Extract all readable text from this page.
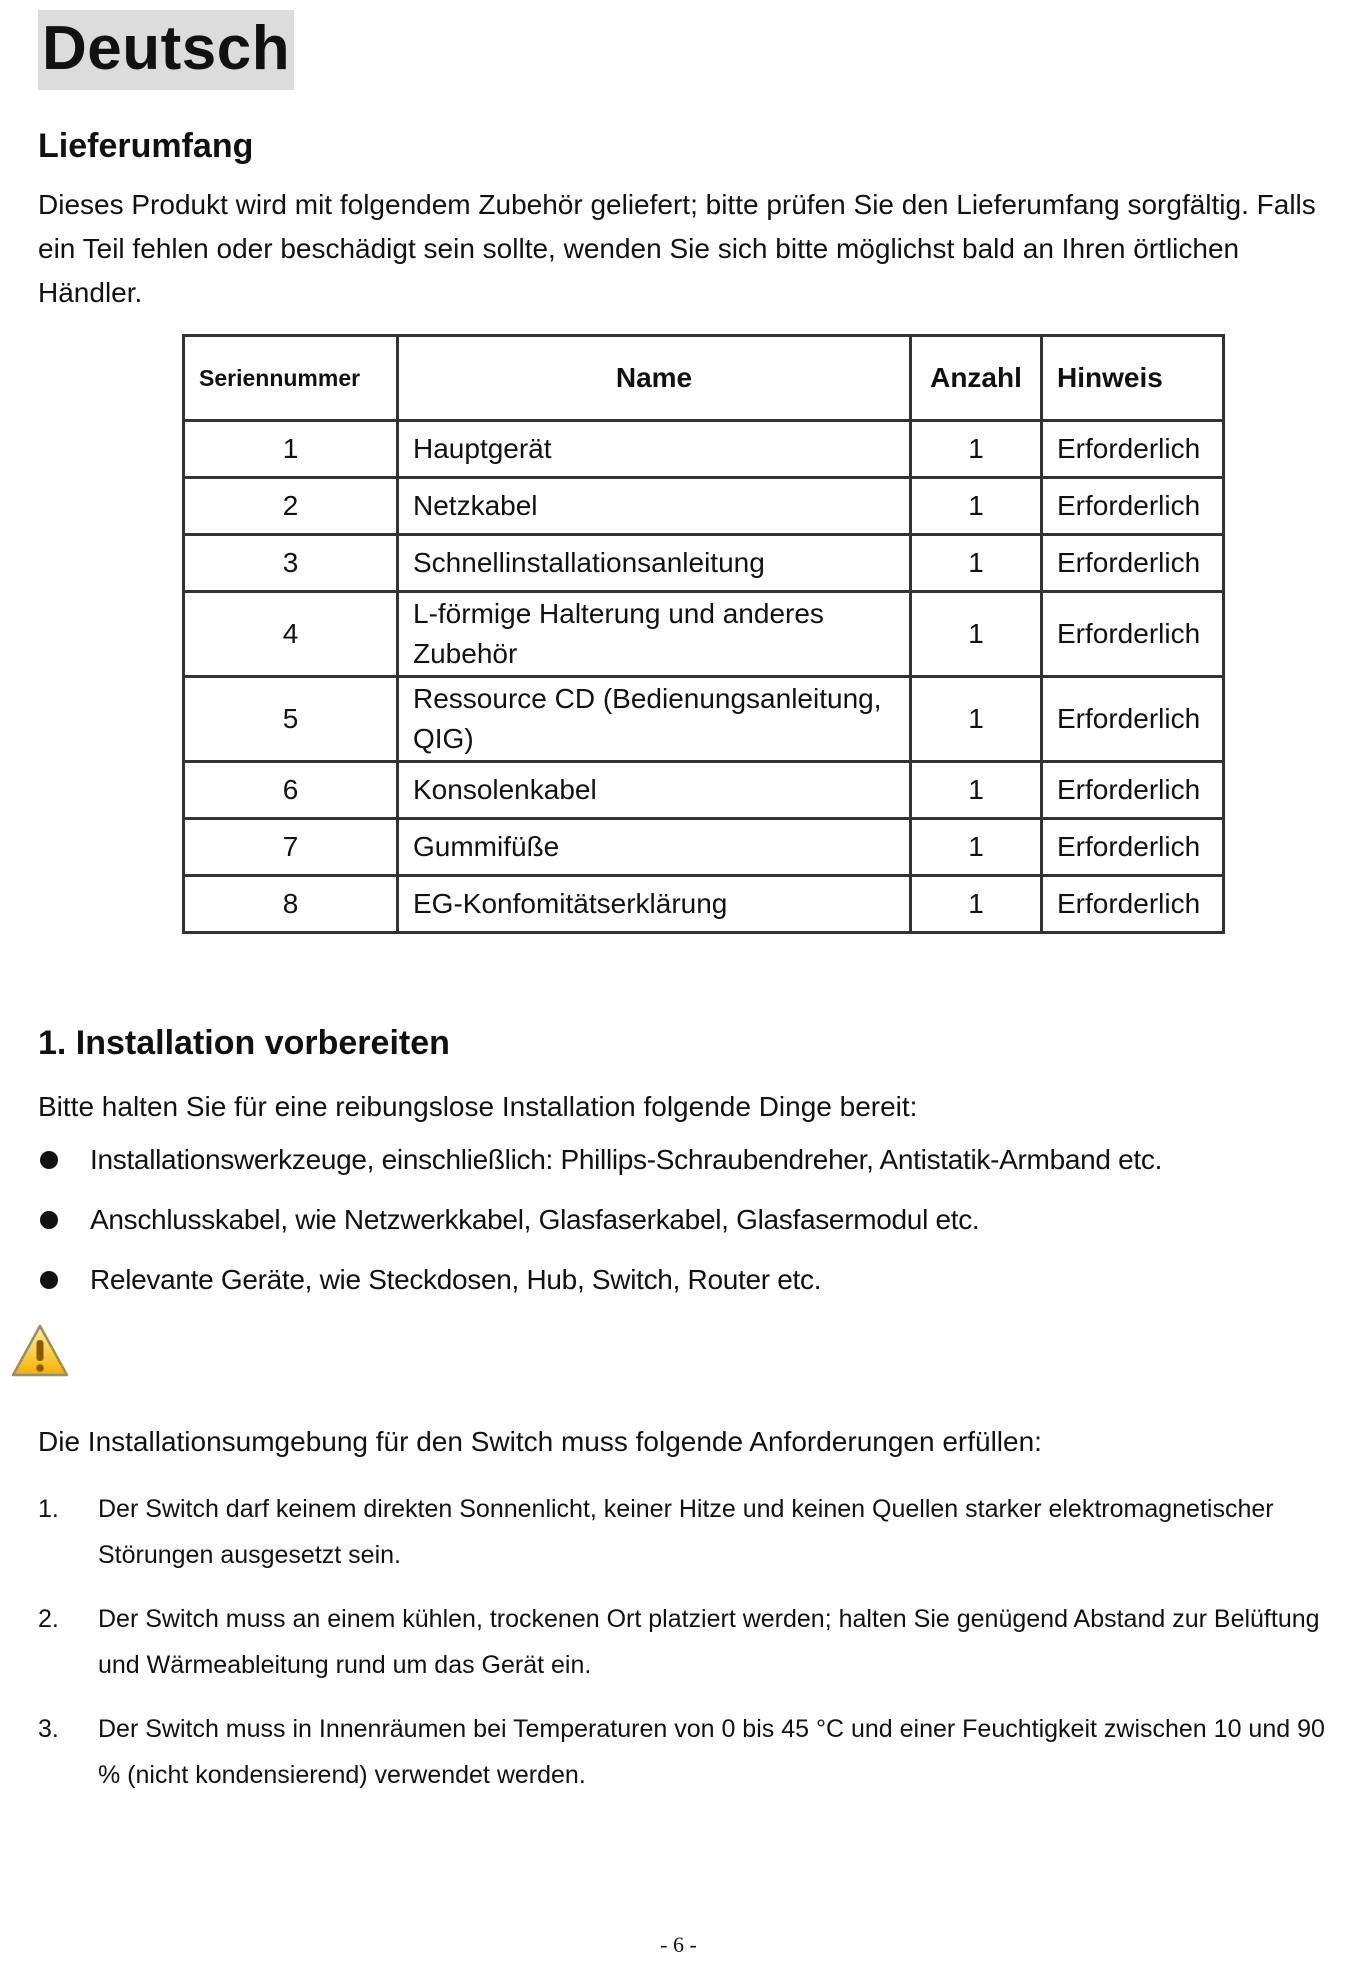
Deutsch
Lieferumfang
Dieses Produkt wird mit folgendem Zubehör geliefert; bitte prüfen Sie den Lieferumfang sorgfältig. Falls ein Teil fehlen oder beschädigt sein sollte, wenden Sie sich bitte möglichst bald an Ihren örtlichen Händler.
Seriennummer	Name	Anzahl	Hinweis
1	Hauptgerät	1	Erforderlich
2	Netzkabel	1	Erforderlich
3	Schnellinstallationsanleitung	1	Erforderlich
4	L-förmige Halterung und anderes Zubehör	1	Erforderlich
5	Ressource CD (Bedienungsanleitung, QIG)	1	Erforderlich
6	Konsolenkabel	1	Erforderlich
7	Gummifüße	1	Erforderlich
8	EG-Konfomitätserklärung	1	Erforderlich
1. Installation vorbereiten
Bitte halten Sie für eine reibungslose Installation folgende Dinge bereit:
Installationswerkzeuge, einschließlich: Phillips-Schraubendreher, Antistatik-Armband etc.
Anschlusskabel, wie Netzwerkkabel, Glasfaserkabel, Glasfasermodul etc.
Relevante Geräte, wie Steckdosen, Hub, Switch, Router etc.
Die Installationsumgebung für den Switch muss folgende Anforderungen erfüllen:
1. Der Switch darf keinem direkten Sonnenlicht, keiner Hitze und keinen Quellen starker elektromagnetischer Störungen ausgesetzt sein.
2. Der Switch muss an einem kühlen, trockenen Ort platziert werden; halten Sie genügend Abstand zur Belüftung und Wärmeableitung rund um das Gerät ein.
3. Der Switch muss in Innenräumen bei Temperaturen von 0 bis 45 °C und einer Feuchtigkeit zwischen 10 und 90 % (nicht kondensierend) verwendet werden.
- 6 -
